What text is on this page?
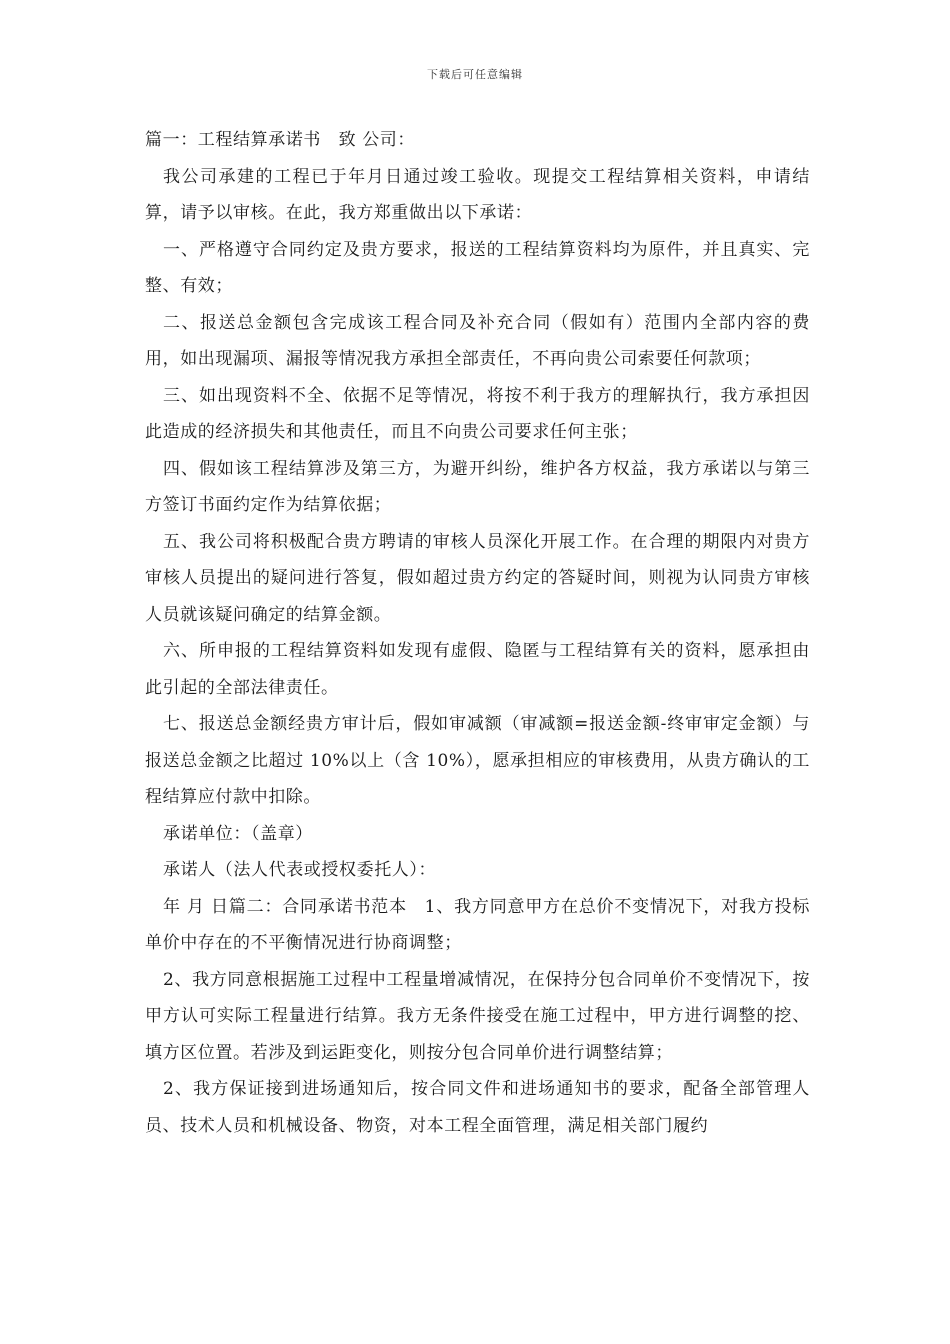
下载后可任意编辑

篇一：工程结算承诺书　致 公司：

我公司承建的工程已于年月日通过竣工验收。现提交工程结算相关资料，申请结算，请予以审核。在此，我方郑重做出以下承诺：

一、严格遵守合同约定及贵方要求，报送的工程结算资料均为原件，并且真实、完整、有效；

二、报送总金额包含完成该工程合同及补充合同（假如有）范围内全部内容的费用，如出现漏项、漏报等情况我方承担全部责任，不再向贵公司索要任何款项；

三、如出现资料不全、依据不足等情况，将按不利于我方的理解执行，我方承担因此造成的经济损失和其他责任，而且不向贵公司要求任何主张；

四、假如该工程结算涉及第三方，为避开纠纷，维护各方权益，我方承诺以与第三方签订书面约定作为结算依据；

五、我公司将积极配合贵方聘请的审核人员深化开展工作。在合理的期限内对贵方审核人员提出的疑问进行答复，假如超过贵方约定的答疑时间，则视为认同贵方审核人员就该疑问确定的结算金额。

六、所申报的工程结算资料如发现有虚假、隐匿与工程结算有关的资料，愿承担由此引起的全部法律责任。

七、报送总金额经贵方审计后，假如审减额（审减额=报送金额-终审审定金额）与报送总金额之比超过 10%以上（含 10%），愿承担相应的审核费用，从贵方确认的工程结算应付款中扣除。

承诺单位：（盖章）

承诺人（法人代表或授权委托人）：

年 月 日篇二：合同承诺书范本　1、我方同意甲方在总价不变情况下，对我方投标单价中存在的不平衡情况进行协商调整；

2、我方同意根据施工过程中工程量增减情况，在保持分包合同单价不变情况下，按甲方认可实际工程量进行结算。我方无条件接受在施工过程中，甲方进行调整的挖、填方区位置。若涉及到运距变化，则按分包合同单价进行调整结算；

2、我方保证接到进场通知后，按合同文件和进场通知书的要求，配备全部管理人员、技术人员和机械设备、物资，对本工程全面管理，满足相关部门履约
